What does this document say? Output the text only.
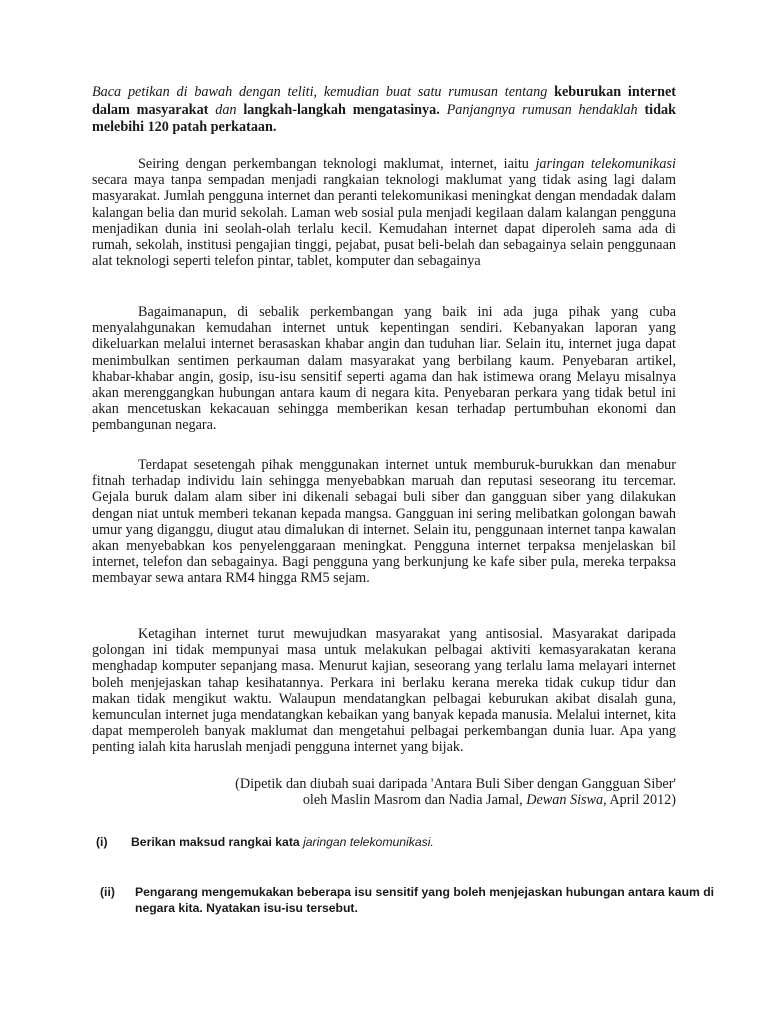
Baca petikan di bawah dengan teliti, kemudian buat satu rumusan tentang keburukan internet dalam masyarakat dan langkah-langkah mengatasinya. Panjangnya rumusan hendaklah tidak melebihi 120 patah perkataan.

Seiring dengan perkembangan teknologi maklumat, internet, iaitu jaringan telekomunikasi secara maya tanpa sempadan menjadi rangkaian teknologi maklumat yang tidak asing lagi dalam masyarakat. Jumlah pengguna internet dan peranti telekomunikasi meningkat dengan mendadak dalam kalangan belia dan murid sekolah. Laman web sosial pula menjadi kegilaan dalam kalangan pengguna menjadikan dunia ini seolah-olah terlalu kecil. Kemudahan internet dapat diperoleh sama ada di rumah, sekolah, institusi pengajian tinggi, pejabat, pusat beli-belah dan sebagainya selain penggunaan alat teknologi seperti telefon pintar, tablet, komputer dan sebagainya

Bagaimanapun, di sebalik perkembangan yang baik ini ada juga pihak yang cuba menyalahgunakan kemudahan internet untuk kepentingan sendiri. Kebanyakan laporan yang dikeluarkan melalui internet berasaskan khabar angin dan tuduhan liar. Selain itu, internet juga dapat menimbulkan sentimen perkauman dalam masyarakat yang berbilang kaum. Penyebaran artikel, khabar-khabar angin, gosip, isu-isu sensitif seperti agama dan hak istimewa orang Melayu misalnya akan merenggangkan hubungan antara kaum di negara kita. Penyebaran perkara yang tidak betul ini akan mencetuskan kekacauan sehingga memberikan kesan terhadap pertumbuhan ekonomi dan pembangunan negara.

Terdapat sesetengah pihak menggunakan internet untuk memburuk-burukkan dan menabur fitnah terhadap individu lain sehingga menyebabkan maruah dan reputasi seseorang itu tercemar. Gejala buruk dalam alam siber ini dikenali sebagai buli siber dan gangguan siber yang dilakukan dengan niat untuk memberi tekanan kepada mangsa. Gangguan ini sering melibatkan golongan bawah umur yang diganggu, diugut atau dimalukan di internet. Selain itu, penggunaan internet tanpa kawalan akan menyebabkan kos penyelenggaraan meningkat. Pengguna internet terpaksa menjelaskan bil internet, telefon dan sebagainya. Bagi pengguna yang berkunjung ke kafe siber pula, mereka terpaksa membayar sewa antara RM4 hingga RM5 sejam.

Ketagihan internet turut mewujudkan masyarakat yang antisosial. Masyarakat daripada golongan ini tidak mempunyai masa untuk melakukan pelbagai aktiviti kemasyarakatan kerana menghadap komputer sepanjang masa. Menurut kajian, seseorang yang terlalu lama melayari internet boleh menjejaskan tahap kesihatannya. Perkara ini berlaku kerana mereka tidak cukup tidur dan makan tidak mengikut waktu. Walaupun mendatangkan pelbagai keburukan akibat disalah guna, kemunculan internet juga mendatangkan kebaikan yang banyak kepada manusia. Melalui internet, kita dapat memperoleh banyak maklumat dan mengetahui pelbagai perkembangan dunia luar. Apa yang penting ialah kita haruslah menjadi pengguna internet yang bijak.

(Dipetik dan diubah suai daripada 'Antara Buli Siber dengan Gangguan Siber'
oleh Maslin Masrom dan Nadia Jamal, Dewan Siswa, April 2012)
(i) Berikan maksud rangkai kata jaringan telekomunikasi.
(ii) Pengarang mengemukakan beberapa isu sensitif yang boleh menjejaskan hubungan antara kaum di negara kita. Nyatakan isu-isu tersebut.
